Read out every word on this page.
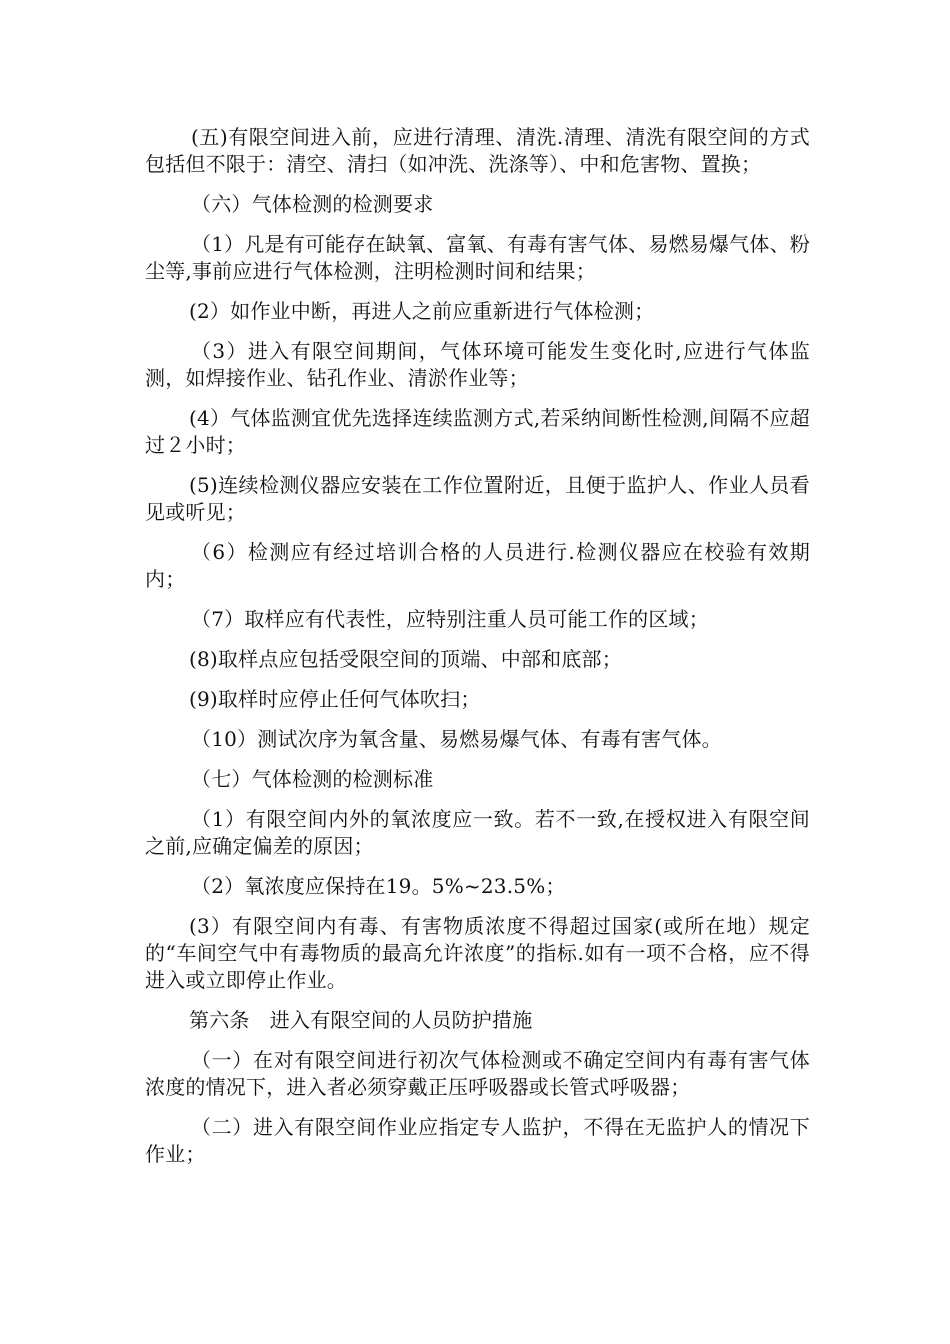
(五)有限空间进入前，应进行清理、清洗.清理、清洗有限空间的方式包括但不限于：清空、清扫（如冲洗、洗涤等）、中和危害物、置换；

（六）气体检测的检测要求

（1）凡是有可能存在缺氧、富氧、有毒有害气体、易燃易爆气体、粉尘等,事前应进行气体检测，注明检测时间和结果；

(2）如作业中断，再进人之前应重新进行气体检测；

（3）进入有限空间期间，气体环境可能发生变化时,应进行气体监测，如焊接作业、钻孔作业、清淤作业等；

(4）气体监测宜优先选择连续监测方式,若采纳间断性检测,间隔不应超过２小时；

(5)连续检测仪器应安装在工作位置附近，且便于监护人、作业人员看见或听见；

（6）检测应有经过培训合格的人员进行.检测仪器应在校验有效期内；

（7）取样应有代表性，应特别注重人员可能工作的区域；

(8)取样点应包括受限空间的顶端、中部和底部；

(9)取样时应停止任何气体吹扫；

（10）测试次序为氧含量、易燃易爆气体、有毒有害气体。

（七）气体检测的检测标准

（1）有限空间内外的氧浓度应一致。若不一致,在授权进入有限空间之前,应确定偏差的原因；

（2）氧浓度应保持在19。5%~23.5%；

(3）有限空间内有毒、有害物质浓度不得超过国家(或所在地）规定的“车间空气中有毒物质的最高允许浓度”的指标.如有一项不合格，应不得进入或立即停止作业。

第六条　进入有限空间的人员防护措施

（一）在对有限空间进行初次气体检测或不确定空间内有毒有害气体浓度的情况下，进入者必须穿戴正压呼吸器或长管式呼吸器；

（二）进入有限空间作业应指定专人监护，不得在无监护人的情况下作业；
